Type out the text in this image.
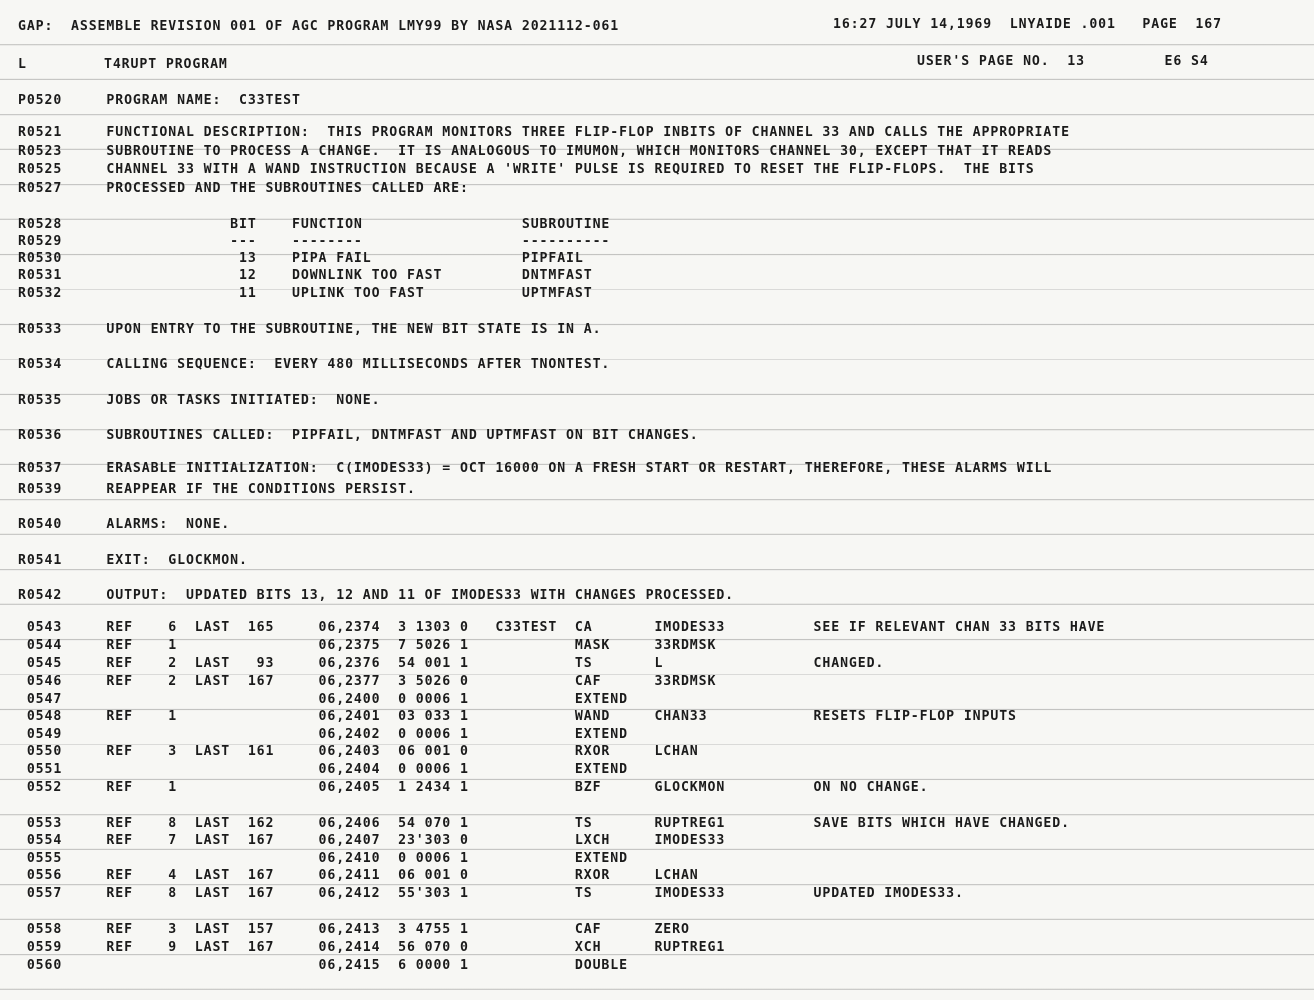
GAP:  ASSEMBLE REVISION 001 OF AGC PROGRAM LMY99 BY NASA 2021112-061	16:27 JULY 14,1969  LNYAIDE .001   PAGE  167
L	T4RUPT PROGRAM	USER'S PAGE NO.  13         E6 S4
P0520     PROGRAM NAME:  C33TEST
R0521     FUNCTIONAL DESCRIPTION:  THIS PROGRAM MONITORS THREE FLIP-FLOP INBITS OF CHANNEL 33 AND CALLS THE APPROPRIATE
R0523     SUBROUTINE TO PROCESS A CHANGE.  IT IS ANALOGOUS TO IMUMON, WHICH MONITORS CHANNEL 30, EXCEPT THAT IT READS
R0525     CHANNEL 33 WITH A WAND INSTRUCTION BECAUSE A 'WRITE' PULSE IS REQUIRED TO RESET THE FLIP-FLOPS.  THE BITS
R0527     PROCESSED AND THE SUBROUTINES CALLED ARE:
R0528                   BIT    FUNCTION                  SUBROUTINE
R0529                   ---    --------                  ----------
R0530                    13    PIPA FAIL                 PIPFAIL
R0531                    12    DOWNLINK TOO FAST         DNTMFAST
R0532                    11    UPLINK TOO FAST           UPTMFAST
R0533     UPON ENTRY TO THE SUBROUTINE, THE NEW BIT STATE IS IN A.
R0534     CALLING SEQUENCE:  EVERY 480 MILLISECONDS AFTER TNONTEST.
R0535     JOBS OR TASKS INITIATED:  NONE.
R0536     SUBROUTINES CALLED:  PIPFAIL, DNTMFAST AND UPTMFAST ON BIT CHANGES.
R0537     ERASABLE INITIALIZATION:  C(IMODES33) = OCT 16000 ON A FRESH START OR RESTART, THEREFORE, THESE ALARMS WILL
R0539     REAPPEAR IF THE CONDITIONS PERSIST.
R0540     ALARMS:  NONE.
R0541     EXIT:  GLOCKMON.
R0542     OUTPUT:  UPDATED BITS 13, 12 AND 11 OF IMODES33 WITH CHANGES PROCESSED.
0543     REF    6  LAST  165     06,2374  3 1303 0   C33TEST  CA       IMODES33          SEE IF RELEVANT CHAN 33 BITS HAVE
0544     REF    1                06,2375  7 5026 1            MASK     33RDMSK
0545     REF    2  LAST   93     06,2376  54 001 1            TS       L                 CHANGED.
0546     REF    2  LAST  167     06,2377  3 5026 0            CAF      33RDMSK
0547                             06,2400  0 0006 1            EXTEND
0548     REF    1                06,2401  03 033 1            WAND     CHAN33            RESETS FLIP-FLOP INPUTS
0549                             06,2402  0 0006 1            EXTEND
0550     REF    3  LAST  161     06,2403  06 001 0            RXOR     LCHAN
0551                             06,2404  0 0006 1            EXTEND
0552     REF    1                06,2405  1 2434 1            BZF      GLOCKMON          ON NO CHANGE.
0553     REF    8  LAST  162     06,2406  54 070 1            TS       RUPTREG1          SAVE BITS WHICH HAVE CHANGED.
0554     REF    7  LAST  167     06,2407  23'303 0            LXCH     IMODES33
0555                             06,2410  0 0006 1            EXTEND
0556     REF    4  LAST  167     06,2411  06 001 0            RXOR     LCHAN
0557     REF    8  LAST  167     06,2412  55'303 1            TS       IMODES33          UPDATED IMODES33.
0558     REF    3  LAST  157     06,2413  3 4755 1            CAF      ZERO
0559     REF    9  LAST  167     06,2414  56 070 0            XCH      RUPTREG1
0560                             06,2415  6 0000 1            DOUBLE
